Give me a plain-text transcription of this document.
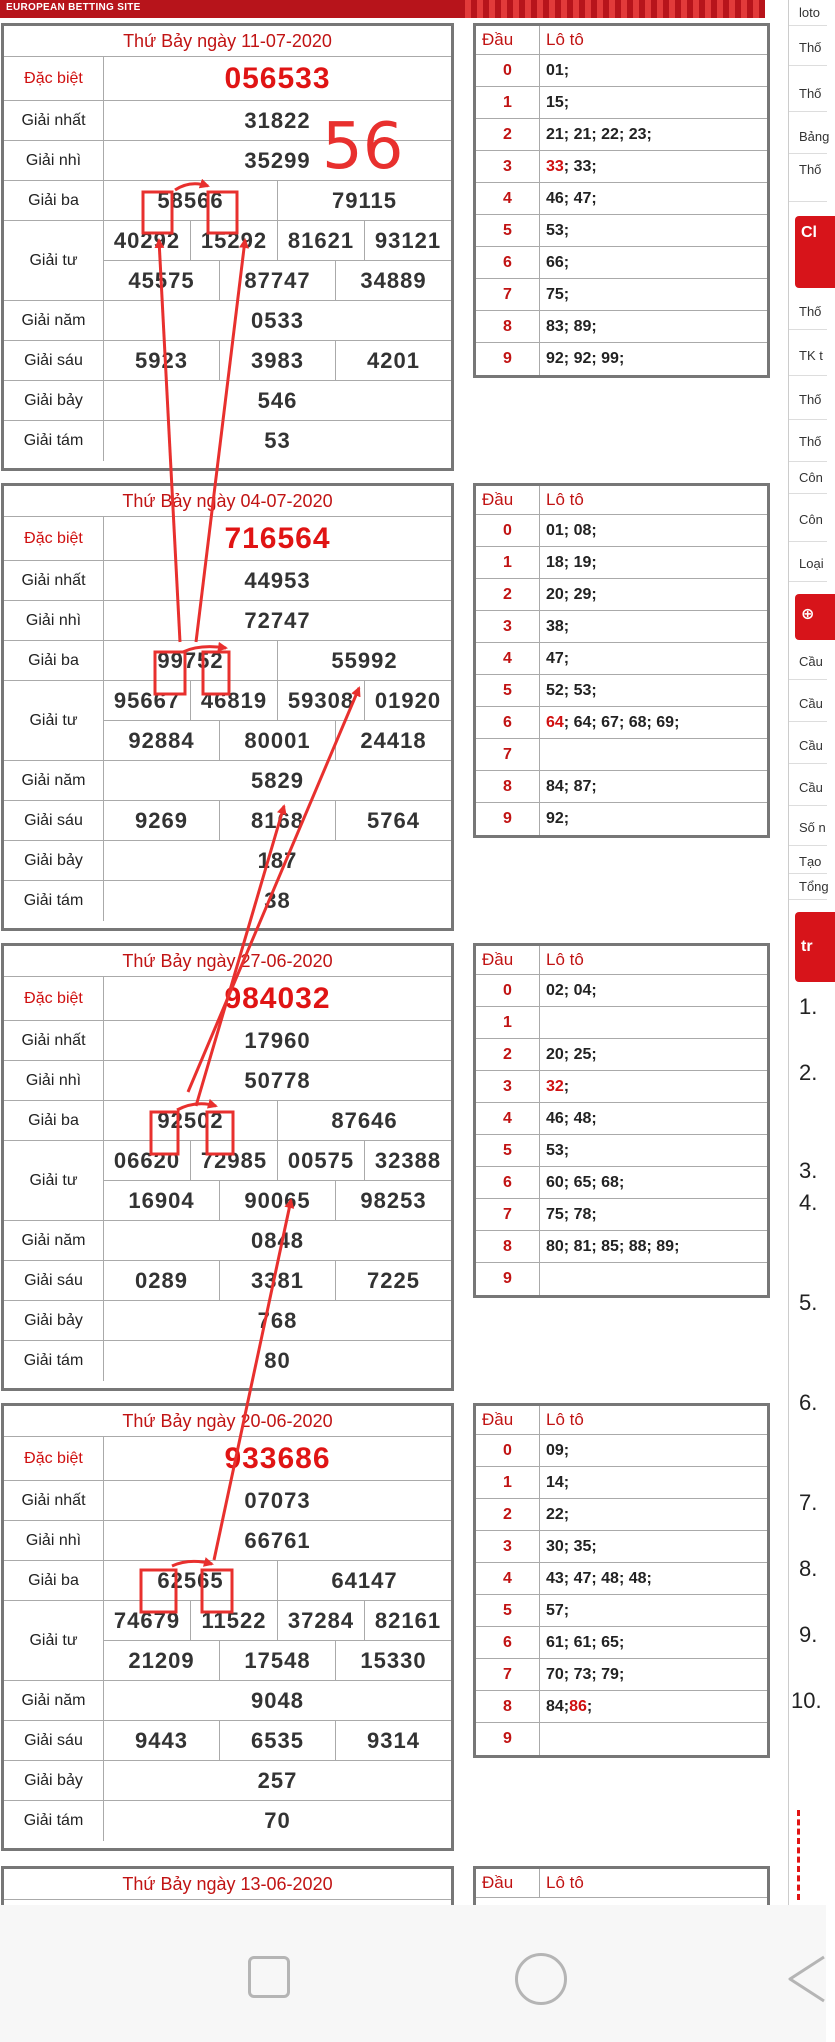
EUROPEAN BETTING SITE
Thứ Bảy ngày 11-07-2020
Đặc biệt	056533
Giải nhất	31822
Giải nhì	35299
Giải ba	58566	79115
Giải tư
40292 15292 81621 93121
45575	87747	34889
Giải năm	0533
Giải sáu	5923	3983	4201
Giải bảy	546
Giải tám	53
Đầu	Lô tô
0	01;
1	15;
2	21; 21; 22; 23;
3	33 ; 33;
4	46; 47;
5	53;
6	66;
7	75;
8	83; 89;
9	92; 92; 99;
Thứ Bảy ngày 04-07-2020
Đặc biệt	716564
Giải nhất	44953
Giải nhì	72747
Giải ba	99752	55992
Giải tư
95667 46819 59308 01920
92884	80001	24418
Giải năm	5829
Giải sáu	9269	8168	5764
Giải bảy	187
Giải tám	38
Đầu	Lô tô
0	01; 08;
1	18; 19;
2	20; 29;
3	38;
4	47;
5	52; 53;
6	64 ; 64; 67; 68; 69;
7
8	84; 87;
9	92;
Thứ Bảy ngày 27-06-2020
Đặc biệt	984032
Giải nhất	17960
Giải nhì	50778
Giải ba	92502	87646
Giải tư
06620 72985 00575 32388
16904	90065	98253
Giải năm	0848
Giải sáu	0289	3381	7225
Giải bảy	768
Giải tám	80
Đầu	Lô tô
0	02; 04;
1
2	20; 25;
3	32 ;
4	46; 48;
5	53;
6	60; 65; 68;
7	75; 78;
8	80; 81; 85; 88; 89;
9
Thứ Bảy ngày 20-06-2020
Đặc biệt	933686
Giải nhất	07073
Giải nhì	66761
Giải ba	62565	64147
Giải tư
74679 11522 37284 82161
21209	17548	15330
Giải năm	9048
Giải sáu	9443	6535	9314
Giải bảy	257
Giải tám	70
Đầu	Lô tô
0	09;
1	14;
2	22;
3	30; 35;
4	43; 47; 48; 48;
5	57;
6	61; 61; 65;
7	70; 73; 79;
8	84; 86 ;
9
Thứ Bảy ngày 13-06-2020	Đầu	Lô tô
loto
Thố
Thố
Bảng
Thố
Cl
Thố
TK t
Thố
Thố
Côn
Côn
Loại
⊕
Cầu
Cầu
Cầu
Cầu
Số n
Tạo
Tổng
tr
1.
2.
3.
4.
5.
6.
7.
8.
9.
10.
56
